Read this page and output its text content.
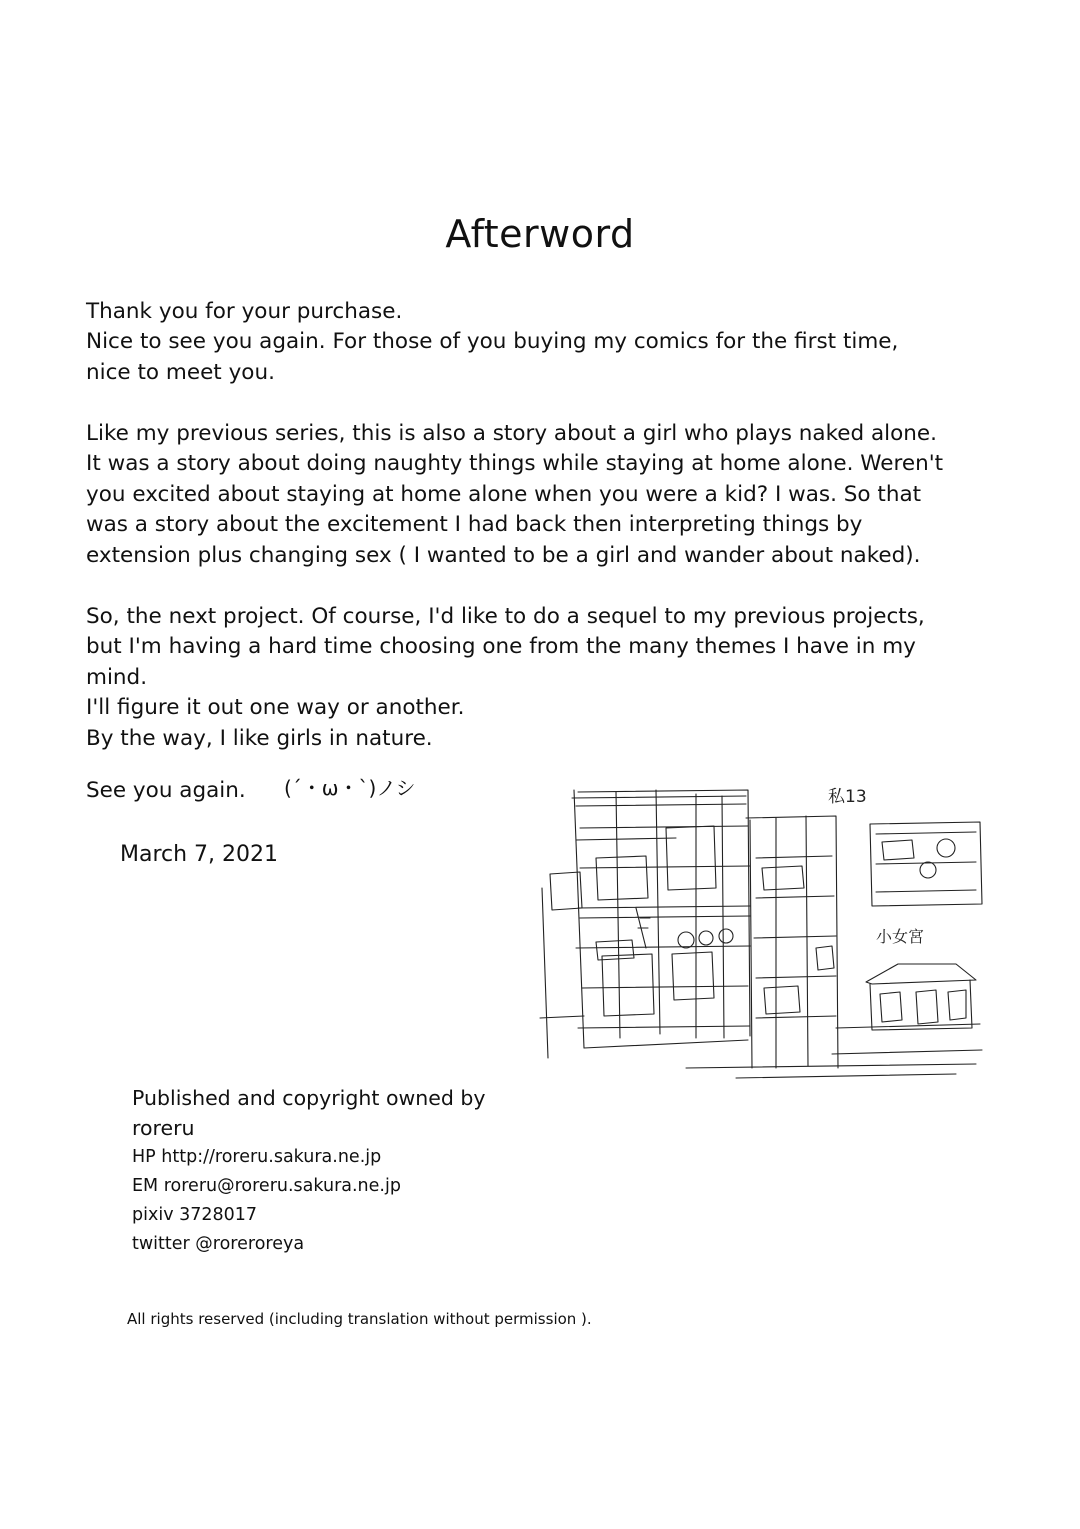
Afterword
Thank you for your purchase.
Nice to see you again. For those of you buying my comics for the first time,
nice to meet you.
Like my previous series, this is also a story about a girl who plays naked alone.
It was a story about doing naughty things while staying at home alone. Weren't
you excited about staying at home alone when you were a kid? I was. So that
was a story about the excitement I had back then interpreting things by
extension plus changing sex ( I wanted to be a girl and wander about naked).
So, the next project. Of course, I'd like to do a sequel to my previous projects,
but I'm having a hard time choosing one from the many themes I have in my
mind.
I'll figure it out one way or another.
By the way, I like girls in nature.
See you again. (´・ω・`)ノシ
March 7, 2021
私13
小女宮
Published and copyright owned by
roreru
HP http://roreru.sakura.ne.jp
EM roreru@roreru.sakura.ne.jp
pixiv 3728017
twitter @roreroreya
All rights reserved (including translation without permission ).
